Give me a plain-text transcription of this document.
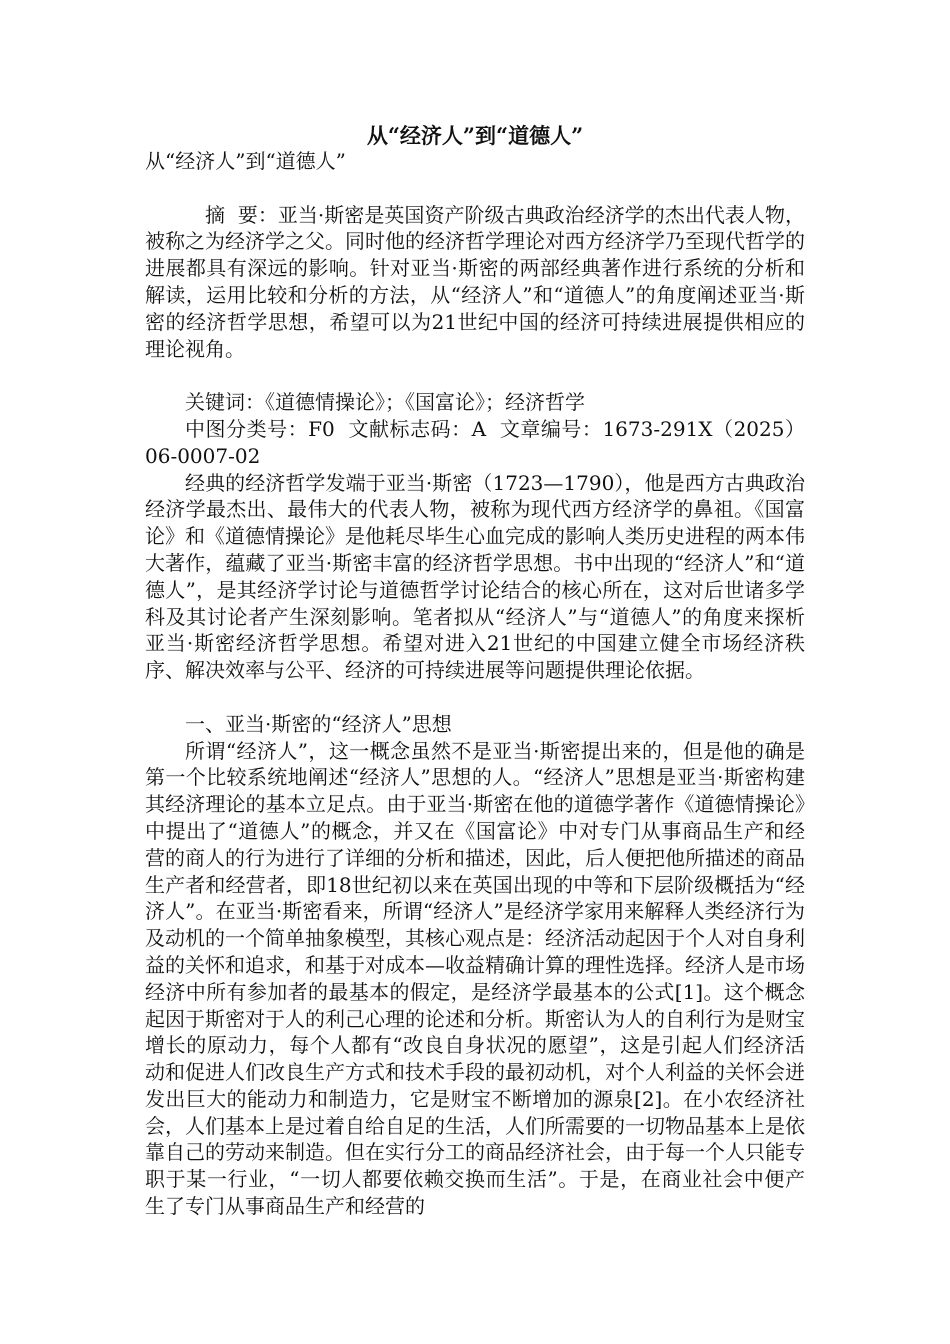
从“经济人”到“道德人”

从“经济人”到“道德人”

摘  要：亚当·斯密是英国资产阶级古典政治经济学的杰出代表人物，被称之为经济学之父。同时他的经济哲学理论对西方经济学乃至现代哲学的进展都具有深远的影响。针对亚当·斯密的两部经典著作进行系统的分析和解读，运用比较和分析的方法，从“经济人”和“道德人”的角度阐述亚当·斯密的经济哲学思想，希望可以为21世纪中国的经济可持续进展提供相应的理论视角。

关键词：《道德情操论》；《国富论》；经济哲学

中图分类号：F0  文献标志码：A  文章编号：1673-291X（2025）06-0007-02

经典的经济哲学发端于亚当·斯密（1723—1790），他是西方古典政治经济学最杰出、最伟大的代表人物，被称为现代西方经济学的鼻祖。《国富论》和《道德情操论》是他耗尽毕生心血完成的影响人类历史进程的两本伟大著作，蕴藏了亚当·斯密丰富的经济哲学思想。书中出现的“经济人”和“道德人”，是其经济学讨论与道德哲学讨论结合的核心所在，这对后世诸多学科及其讨论者产生深刻影响。笔者拟从“经济人”与“道德人”的角度来探析亚当·斯密经济哲学思想。希望对进入21世纪的中国建立健全市场经济秩序、解决效率与公平、经济的可持续进展等问题提供理论依据。

一、亚当·斯密的“经济人”思想

所谓“经济人”，这一概念虽然不是亚当·斯密提出来的，但是他的确是第一个比较系统地阐述“经济人”思想的人。“经济人”思想是亚当·斯密构建其经济理论的基本立足点。由于亚当·斯密在他的道德学著作《道德情操论》中提出了“道德人”的概念，并又在《国富论》中对专门从事商品生产和经营的商人的行为进行了详细的分析和描述，因此，后人便把他所描述的商品生产者和经营者，即18世纪初以来在英国出现的中等和下层阶级概括为“经济人”。在亚当·斯密看来，所谓“经济人”是经济学家用来解释人类经济行为及动机的一个简单抽象模型，其核心观点是：经济活动起因于个人对自身利益的关怀和追求，和基于对成本—收益精确计算的理性选择。经济人是市场经济中所有参加者的最基本的假定，是经济学最基本的公式[1]。这个概念起因于斯密对于人的利己心理的论述和分析。斯密认为人的自利行为是财宝增长的原动力，每个人都有“改良自身状况的愿望”，这是引起人们经济活动和促进人们改良生产方式和技术手段的最初动机，对个人利益的关怀会迸发出巨大的能动力和制造力，它是财宝不断增加的源泉[2]。在小农经济社会，人们基本上是过着自给自足的生活，人们所需要的一切物品基本上是依靠自己的劳动来制造。但在实行分工的商品经济社会，由于每一个人只能专职于某一行业，“一切人都要依赖交换而生活”。于是，在商业社会中便产生了专门从事商品生产和经营的
